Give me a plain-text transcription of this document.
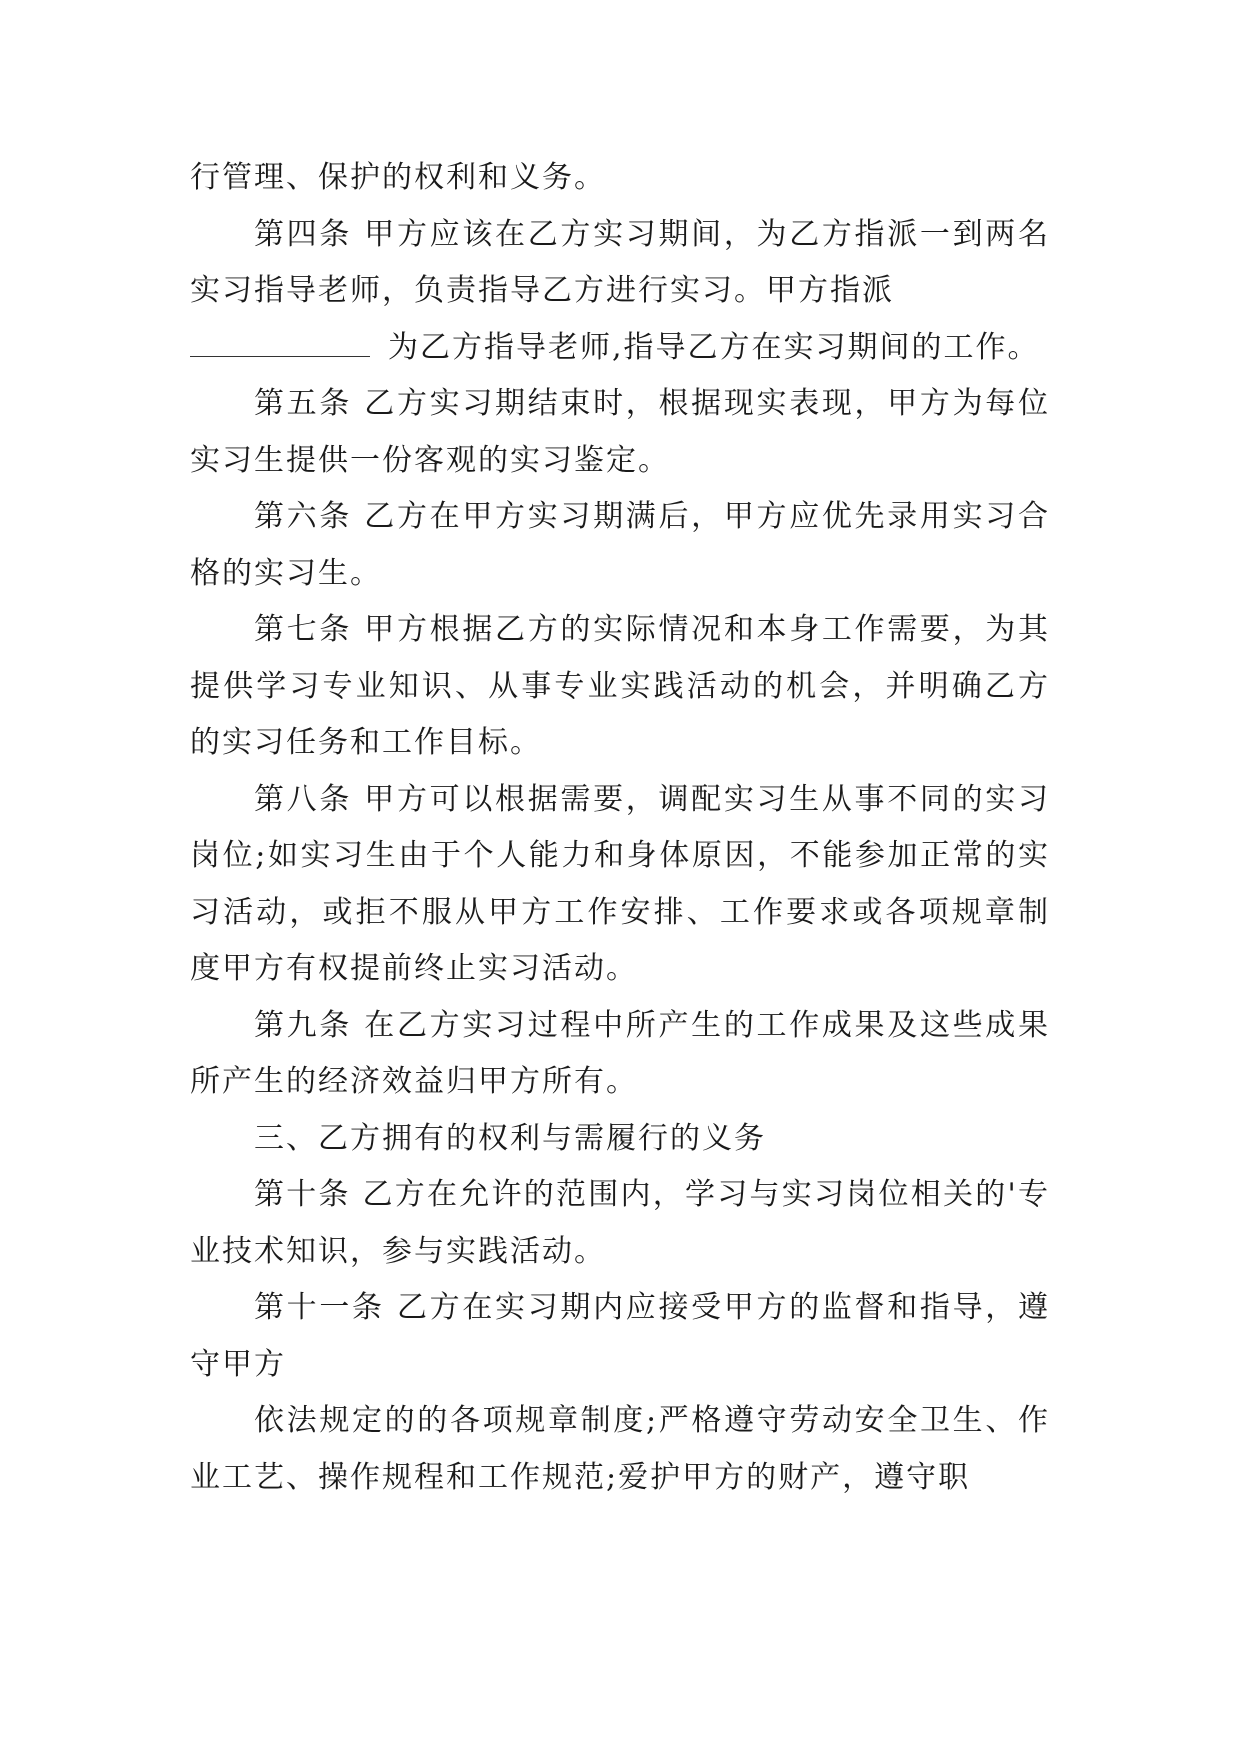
行管理、保护的权利和义务。

第四条 甲方应该在乙方实习期间，为乙方指派一到两名实习指导老师，负责指导乙方进行实习。甲方指派

为乙方指导老师,指导乙方在实习期间的工作。

第五条 乙方实习期结束时，根据现实表现，甲方为每位实习生提供一份客观的实习鉴定。

第六条 乙方在甲方实习期满后，甲方应优先录用实习合格的实习生。

第七条 甲方根据乙方的实际情况和本身工作需要，为其提供学习专业知识、从事专业实践活动的机会，并明确乙方的实习任务和工作目标。

第八条 甲方可以根据需要，调配实习生从事不同的实习岗位;如实习生由于个人能力和身体原因，不能参加正常的实习活动，或拒不服从甲方工作安排、工作要求或各项规章制度甲方有权提前终止实习活动。

第九条 在乙方实习过程中所产生的工作成果及这些成果所产生的经济效益归甲方所有。

三、乙方拥有的权利与需履行的义务

第十条 乙方在允许的范围内，学习与实习岗位相关的'专业技术知识，参与实践活动。

第十一条 乙方在实习期内应接受甲方的监督和指导，遵守甲方

依法规定的的各项规章制度;严格遵守劳动安全卫生、作业工艺、操作规程和工作规范;爱护甲方的财产，遵守职
